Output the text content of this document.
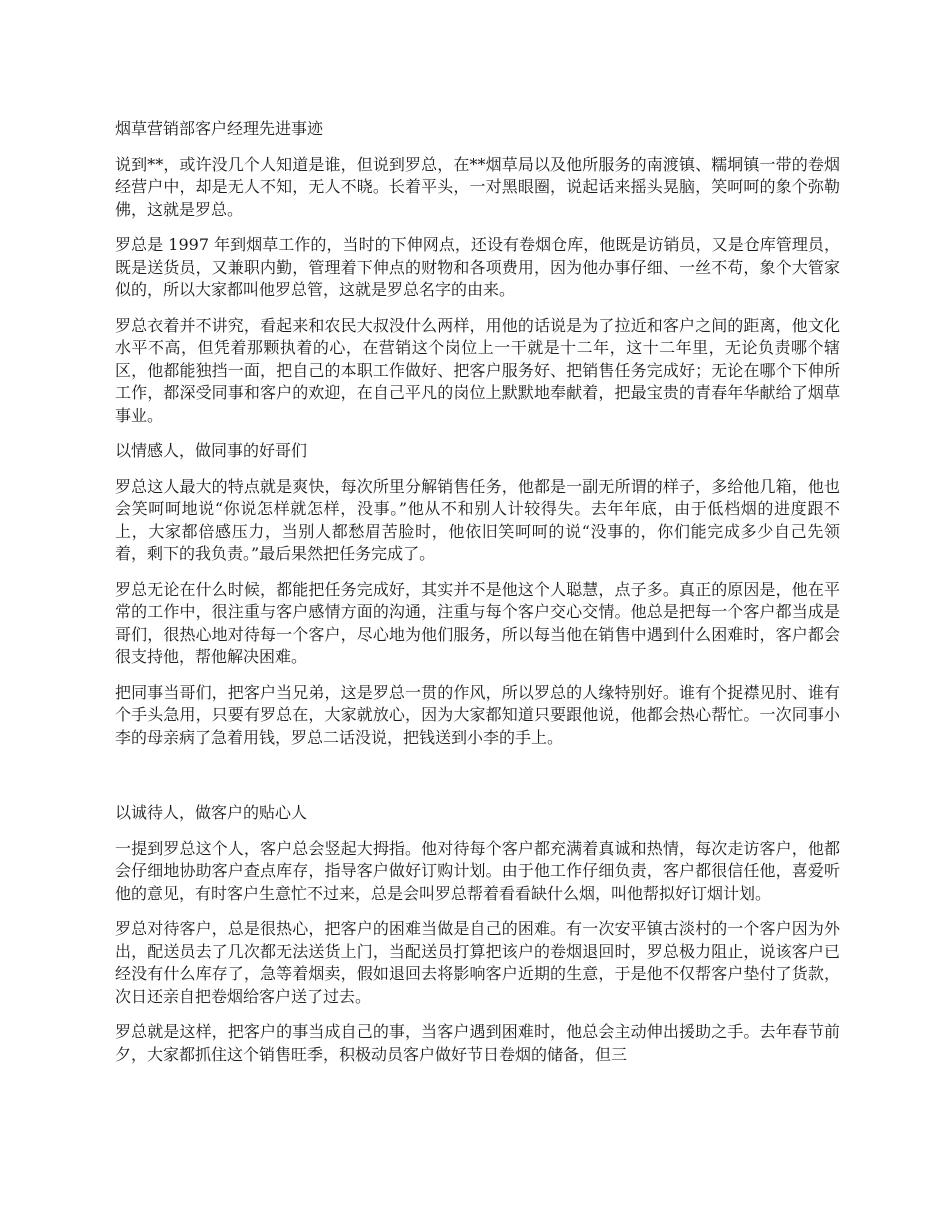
烟草营销部客户经理先进事迹

说到**，或许没几个人知道是谁，但说到罗总，在**烟草局以及他所服务的南渡镇、糯垌镇一带的卷烟经营户中，却是无人不知，无人不晓。长着平头，一对黑眼圈，说起话来摇头晃脑，笑呵呵的象个弥勒佛，这就是罗总。

罗总是 1997 年到烟草工作的，当时的下伸网点，还设有卷烟仓库，他既是访销员，又是仓库管理员，既是送货员，又兼职内勤，管理着下伸点的财物和各项费用，因为他办事仔细、一丝不苟，象个大管家似的，所以大家都叫他罗总管，这就是罗总名字的由来。

罗总衣着并不讲究，看起来和农民大叔没什么两样，用他的话说是为了拉近和客户之间的距离，他文化水平不高，但凭着那颗执着的心，在营销这个岗位上一干就是十二年，这十二年里，无论负责哪个辖区，他都能独挡一面，把自己的本职工作做好、把客户服务好、把销售任务完成好；无论在哪个下伸所工作，都深受同事和客户的欢迎，在自己平凡的岗位上默默地奉献着，把最宝贵的青春年华献给了烟草事业。

以情感人，做同事的好哥们

罗总这人最大的特点就是爽快，每次所里分解销售任务，他都是一副无所谓的样子，多给他几箱，他也会笑呵呵地说“你说怎样就怎样，没事。”他从不和别人计较得失。去年年底，由于低档烟的进度跟不上，大家都倍感压力，当别人都愁眉苦脸时，他依旧笑呵呵的说“没事的，你们能完成多少自己先领着，剩下的我负责。”最后果然把任务完成了。

罗总无论在什么时候，都能把任务完成好，其实并不是他这个人聪慧，点子多。真正的原因是，他在平常的工作中，很注重与客户感情方面的沟通，注重与每个客户交心交情。他总是把每一个客户都当成是哥们，很热心地对待每一个客户，尽心地为他们服务，所以每当他在销售中遇到什么困难时，客户都会很支持他，帮他解决困难。

把同事当哥们，把客户当兄弟，这是罗总一贯的作风，所以罗总的人缘特别好。谁有个捉襟见肘、谁有个手头急用，只要有罗总在，大家就放心，因为大家都知道只要跟他说，他都会热心帮忙。一次同事小李的母亲病了急着用钱，罗总二话没说，把钱送到小李的手上。

以诚待人，做客户的贴心人

一提到罗总这个人，客户总会竖起大拇指。他对待每个客户都充满着真诚和热情，每次走访客户，他都会仔细地协助客户查点库存，指导客户做好订购计划。由于他工作仔细负责，客户都很信任他，喜爱听他的意见，有时客户生意忙不过来，总是会叫罗总帮着看看缺什么烟，叫他帮拟好订烟计划。

罗总对待客户，总是很热心，把客户的困难当做是自己的困难。有一次安平镇古淡村的一个客户因为外出，配送员去了几次都无法送货上门，当配送员打算把该户的卷烟退回时，罗总极力阻止，说该客户已经没有什么库存了，急等着烟卖，假如退回去将影响客户近期的生意，于是他不仅帮客户垫付了货款，次日还亲自把卷烟给客户送了过去。

罗总就是这样，把客户的事当成自己的事，当客户遇到困难时，他总会主动伸出援助之手。去年春节前夕，大家都抓住这个销售旺季，积极动员客户做好节日卷烟的储备，但三
